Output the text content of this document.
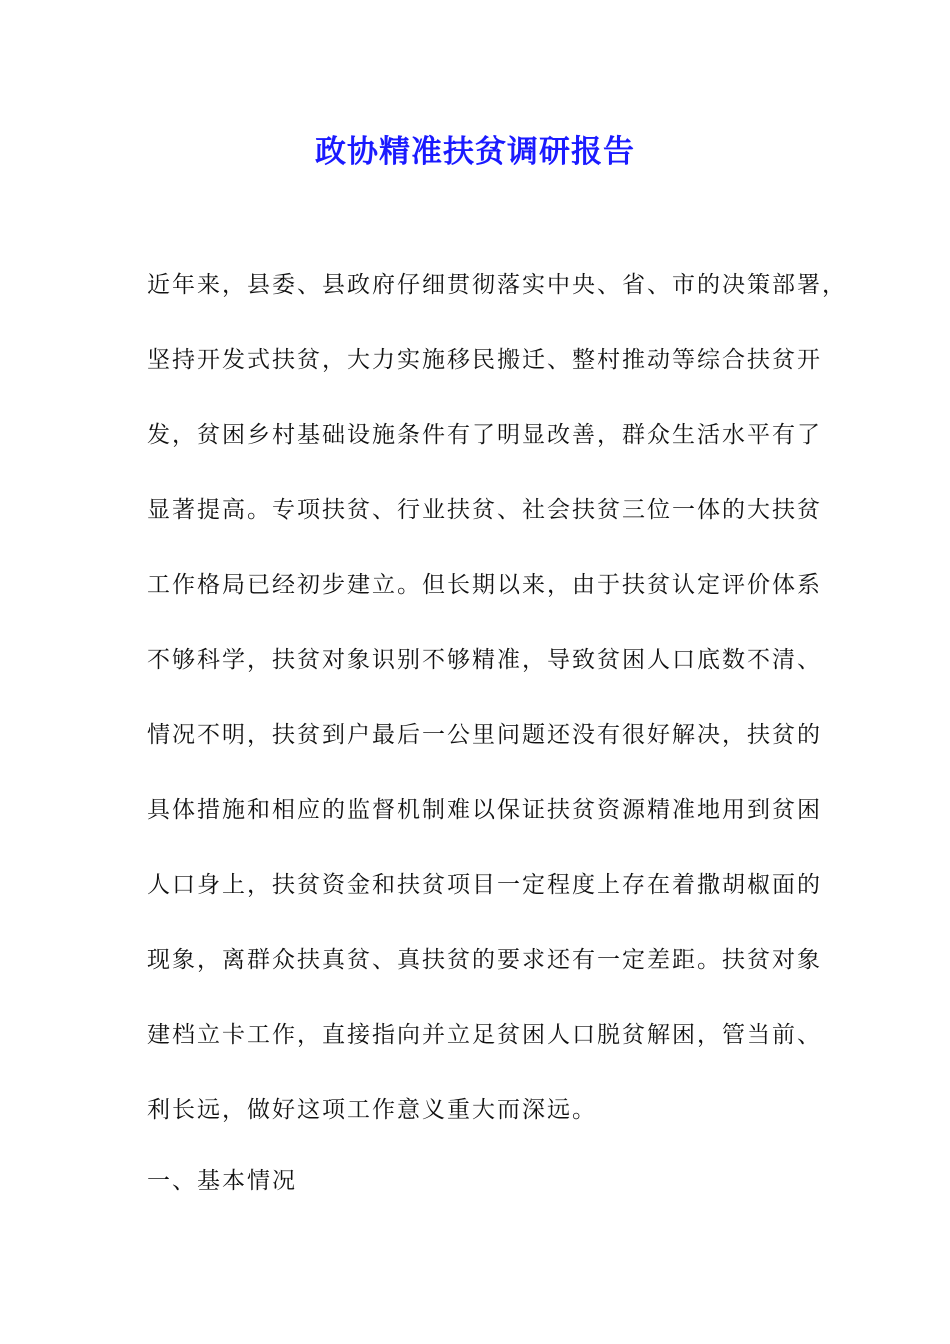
政协精准扶贫调研报告
近年来，县委、县政府仔细贯彻落实中央、省、市的决策部署，
坚持开发式扶贫，大力实施移民搬迁、整村推动等综合扶贫开
发，贫困乡村基础设施条件有了明显改善，群众生活水平有了
显著提高。专项扶贫、行业扶贫、社会扶贫三位一体的大扶贫
工作格局已经初步建立。但长期以来，由于扶贫认定评价体系
不够科学，扶贫对象识别不够精准，导致贫困人口底数不清、
情况不明，扶贫到户最后一公里问题还没有很好解决，扶贫的
具体措施和相应的监督机制难以保证扶贫资源精准地用到贫困
人口身上，扶贫资金和扶贫项目一定程度上存在着撒胡椒面的
现象，离群众扶真贫、真扶贫的要求还有一定差距。扶贫对象
建档立卡工作，直接指向并立足贫困人口脱贫解困，管当前、
利长远，做好这项工作意义重大而深远。
一、基本情况
